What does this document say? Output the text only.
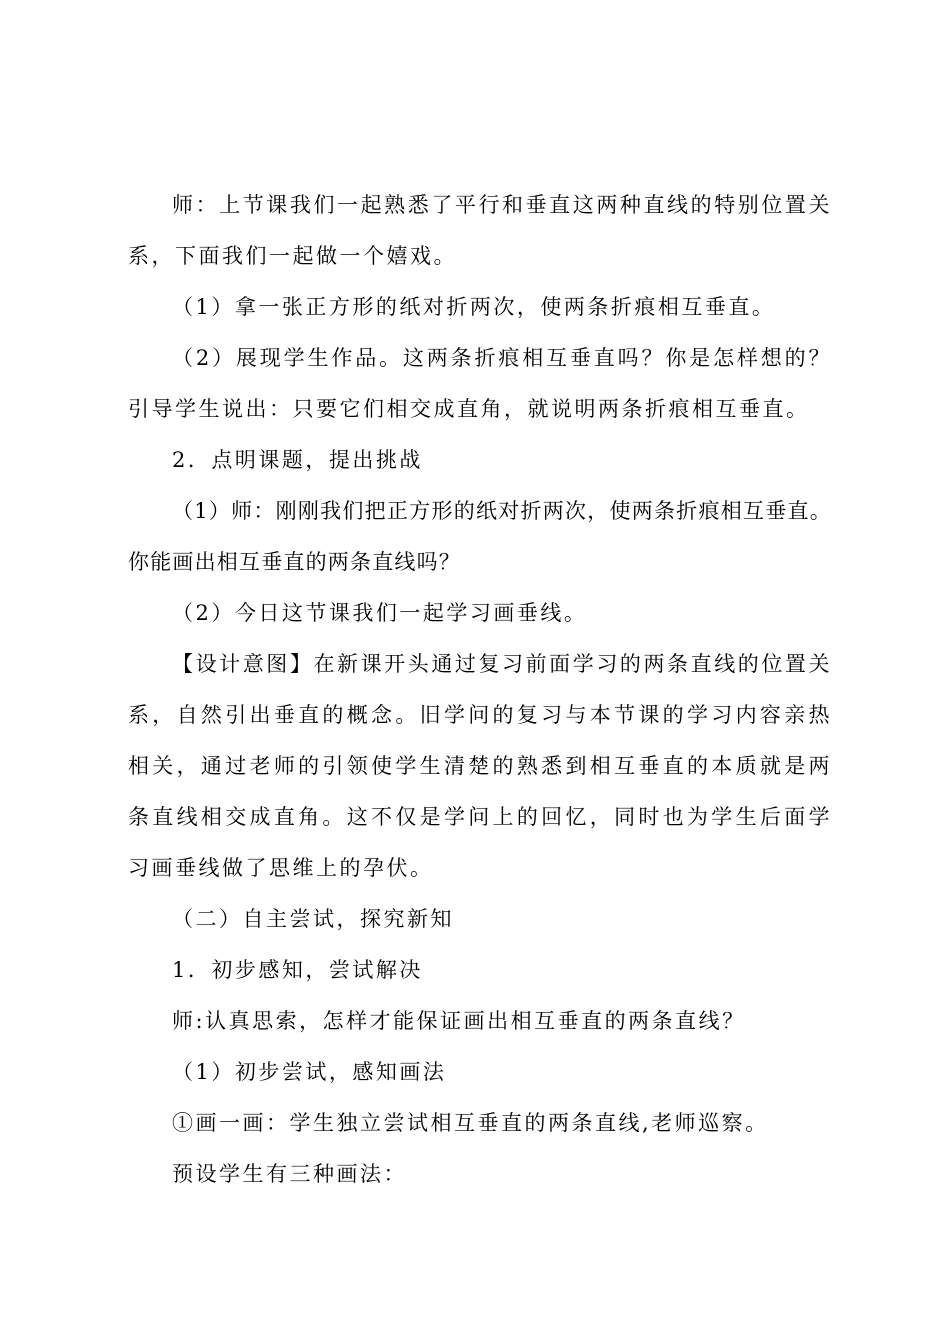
师：上节课我们一起熟悉了平行和垂直这两种直线的特别位置关系，下面我们一起做一个嬉戏。

（1）拿一张正方形的纸对折两次，使两条折痕相互垂直。

（2）展现学生作品。这两条折痕相互垂直吗？你是怎样想的？引导学生说出：只要它们相交成直角，就说明两条折痕相互垂直。

2．点明课题，提出挑战

（1）师：刚刚我们把正方形的纸对折两次，使两条折痕相互垂直。你能画出相互垂直的两条直线吗？

（2）今日这节课我们一起学习画垂线。

【设计意图】在新课开头通过复习前面学习的两条直线的位置关系，自然引出垂直的概念。旧学问的复习与本节课的学习内容亲热相关，通过老师的引领使学生清楚的熟悉到相互垂直的本质就是两条直线相交成直角。这不仅是学问上的回忆，同时也为学生后面学习画垂线做了思维上的孕伏。

（二）自主尝试，探究新知

1．初步感知，尝试解决

师:认真思索，怎样才能保证画出相互垂直的两条直线？

（1）初步尝试，感知画法

①画一画：学生独立尝试相互垂直的两条直线,老师巡察。

预设学生有三种画法：
